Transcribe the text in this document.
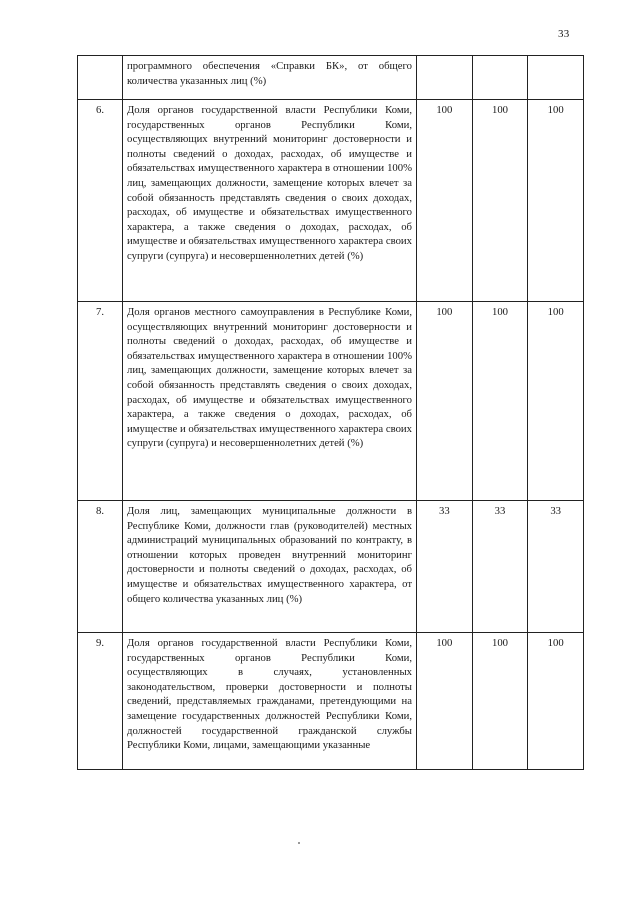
33
	программного обеспечения «Справки БК», от общего количества указанных лиц (%)			
6.	Доля органов государственной власти Республики Коми, государственных органов Республики Коми, осуществляющих внутренний мониторинг достоверности и полноты сведений о доходах, расходах, об имуществе и обязательствах имущественного характера в отношении 100% лиц, замещающих должности, замещение которых влечет за собой обязанность представлять сведения о своих доходах, расходах, об имуществе и обязательствах имущественного характера, а также сведения о доходах, расходах, об имуществе и обязательствах имущественного характера своих супруги (супруга) и несовершеннолетних детей (%)	100	100	100
7.	Доля органов местного самоуправления в Республике Коми, осуществляющих внутренний мониторинг достоверности и полноты сведений о доходах, расходах, об имуществе и обязательствах имущественного характера в отношении 100% лиц, замещающих должности, замещение которых влечет за собой обязанность представлять сведения о своих доходах, расходах, об имуществе и обязательствах имущественного характера, а также сведения о доходах, расходах, об имуществе и обязательствах имущественного характера своих супруги (супруга) и несовершеннолетних детей (%)	100	100	100
8.	Доля лиц, замещающих муниципальные должности в Республике Коми, должности глав (руководителей) местных администраций муниципальных образований по контракту, в отношении которых проведен внутренний мониторинг достоверности и полноты сведений о доходах, расходах, об имуществе и обязательствах имущественного характера, от общего количества указанных лиц (%)	33	33	33
9.	Доля органов государственной власти Республики Коми, государственных органов Республики Коми, осуществляющих в случаях, установленных законодательством, проверки достоверности и полноты сведений, представляемых гражданами, претендующими на замещение государственных должностей Республики Коми, должностей государственной гражданской службы Республики Коми, лицами, замещающими указанные	100	100	100
